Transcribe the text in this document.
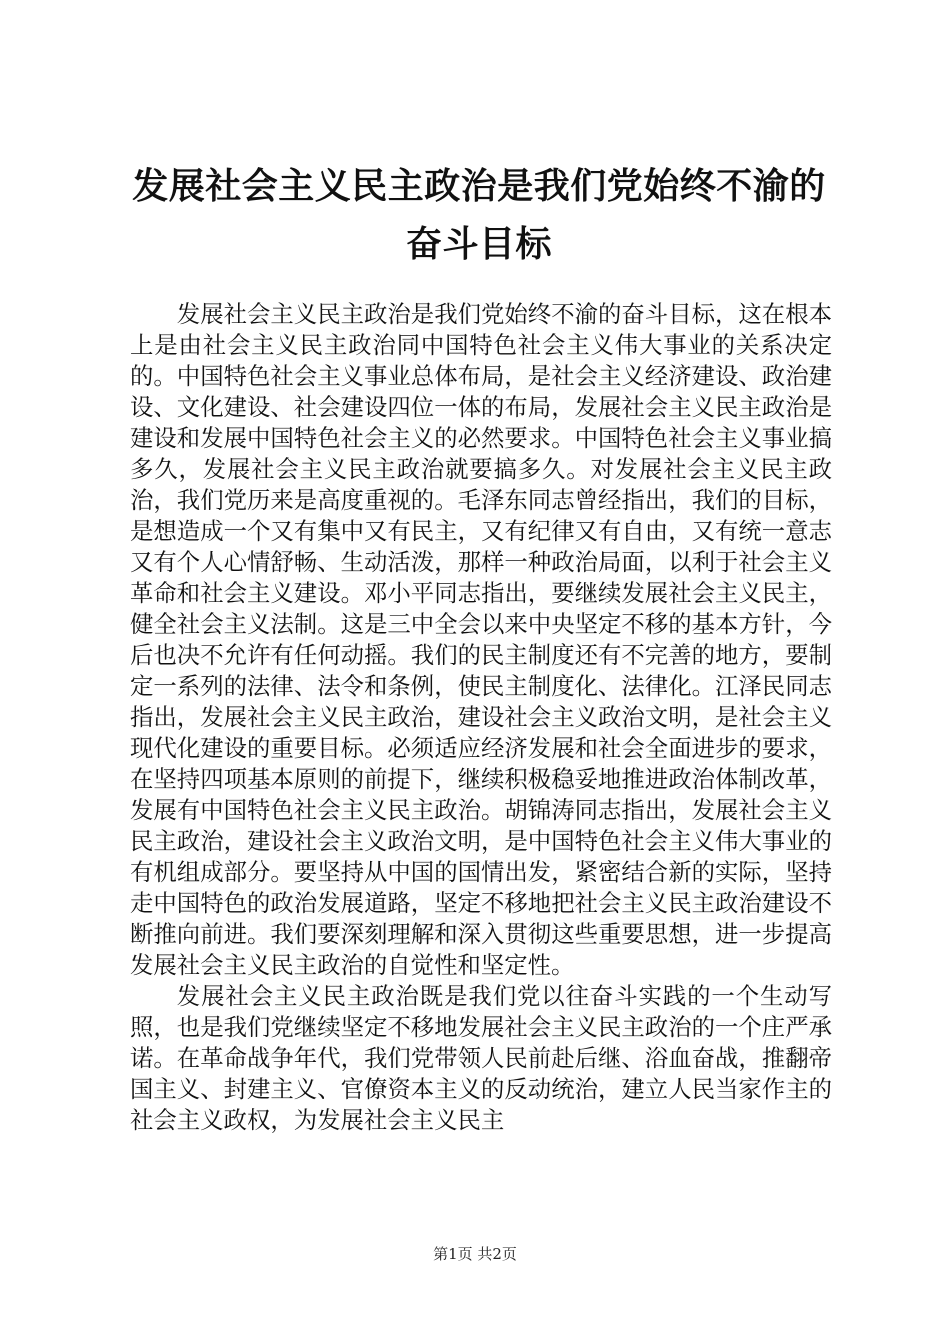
发展社会主义民主政治是我们党始终不渝的奋斗目标

发展社会主义民主政治是我们党始终不渝的奋斗目标，这在根本上是由社会主义民主政治同中国特色社会主义伟大事业的关系决定的。中国特色社会主义事业总体布局，是社会主义经济建设、政治建设、文化建设、社会建设四位一体的布局，发展社会主义民主政治是建设和发展中国特色社会主义的必然要求。中国特色社会主义事业搞多久，发展社会主义民主政治就要搞多久。对发展社会主义民主政治，我们党历来是高度重视的。毛泽东同志曾经指出，我们的目标，是想造成一个又有集中又有民主，又有纪律又有自由，又有统一意志又有个人心情舒畅、生动活泼，那样一种政治局面，以利于社会主义革命和社会主义建设。邓小平同志指出，要继续发展社会主义民主，健全社会主义法制。这是三中全会以来中央坚定不移的基本方针，今后也决不允许有任何动摇。我们的民主制度还有不完善的地方，要制定一系列的法律、法令和条例，使民主制度化、法律化。江泽民同志指出，发展社会主义民主政治，建设社会主义政治文明，是社会主义现代化建设的重要目标。必须适应经济发展和社会全面进步的要求，在坚持四项基本原则的前提下，继续积极稳妥地推进政治体制改革，发展有中国特色社会主义民主政治。胡锦涛同志指出，发展社会主义民主政治，建设社会主义政治文明，是中国特色社会主义伟大事业的有机组成部分。要坚持从中国的国情出发，紧密结合新的实际，坚持走中国特色的政治发展道路，坚定不移地把社会主义民主政治建设不断推向前进。我们要深刻理解和深入贯彻这些重要思想，进一步提高发展社会主义民主政治的自觉性和坚定性。

发展社会主义民主政治既是我们党以往奋斗实践的一个生动写照，也是我们党继续坚定不移地发展社会主义民主政治的一个庄严承诺。在革命战争年代，我们党带领人民前赴后继、浴血奋战，推翻帝国主义、封建主义、官僚资本主义的反动统治，建立人民当家作主的社会主义政权，为发展社会主义民主

第1页 共2页
